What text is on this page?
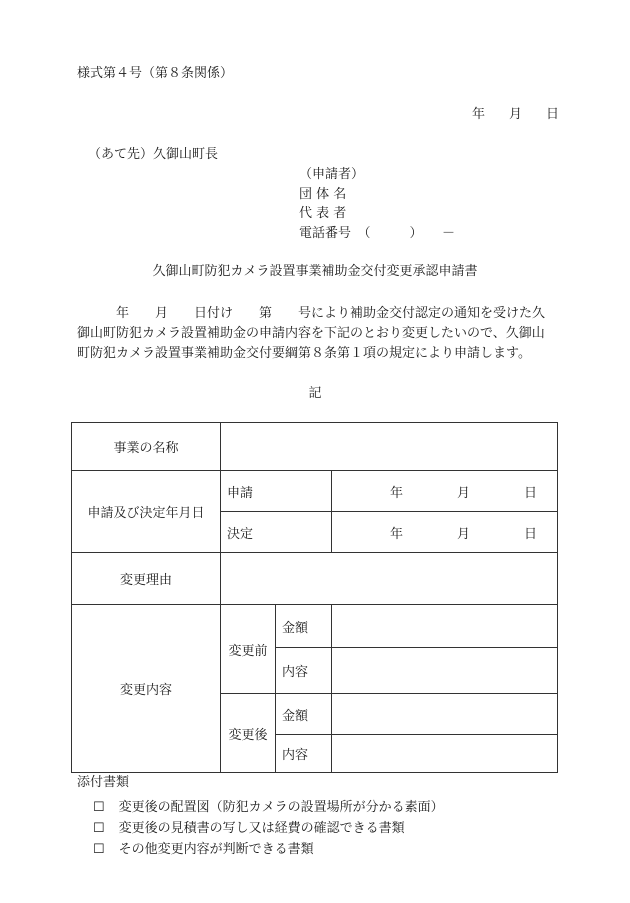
様式第４号（第８条関係）
年 月 日
（あて先）久御山町長
（申請者）
団 体 名
代 表 者
電話番号　 （　　　）　　－
久御山町防犯カメラ設置事業補助金交付変更承認申請書
　　　年　　月　　日付け　　第　　号により補助金交付認定の通知を受けた久御山町防犯カメラ設置補助金の申請内容を下記のとおり変更したいので、久御山町防犯カメラ設置事業補助金交付要綱第８条第１項の規定により申請します。
記
事業の名称			
申請及び決定年月日	申請		年 月 日

	決定		年 月 日

変更理由			
変更内容	変更前	金額	
		内容	
	変更後	金額	
		内容	
添付書類
☐ 変更後の配置図（防犯カメラの設置場所が分かる素面）
☐ 変更後の見積書の写し又は経費の確認できる書類
☐ その他変更内容が判断できる書類
